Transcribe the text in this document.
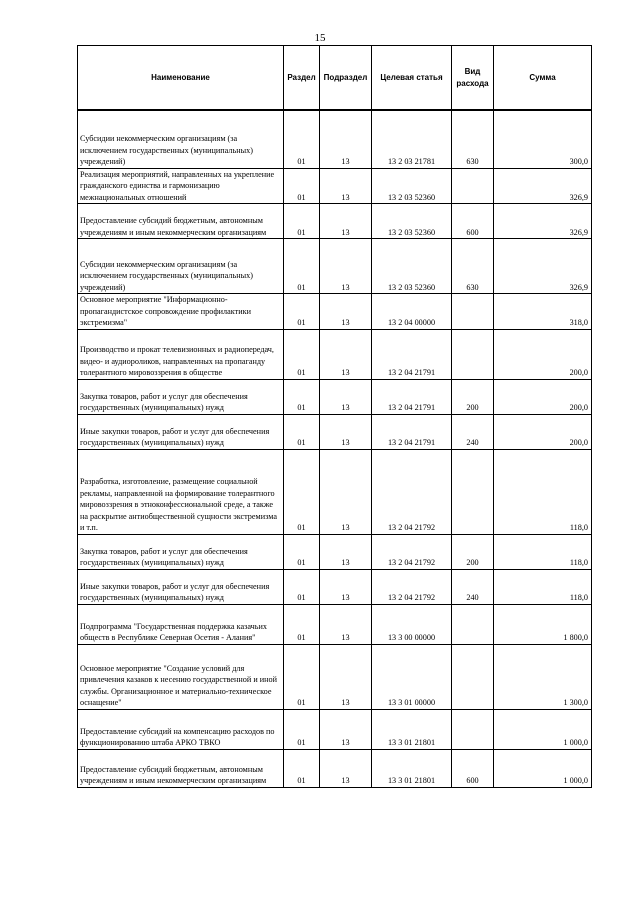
15
Наименование	Раздел	Подраздел	Целевая статья	Вид расхода	Сумма
Субсидии некоммерческим организациям (за исключением государственных (муниципальных) учреждений)	01	13	13 2 03 21781	630	300,0
Реализация мероприятий, направленных на укрепление гражданского единства и гармонизацию межнациональных отношений	01	13	13 2 03 52360		326,9
Предоставление субсидий бюджетным, автономным учреждениям и иным некоммерческим организациям	01	13	13 2 03 52360	600	326,9
Субсидии некоммерческим организациям (за исключением государственных (муниципальных) учреждений)	01	13	13 2 03 52360	630	326,9
Основное мероприятие "Информационно-пропагандистское сопровождение профилактики экстремизма"	01	13	13 2 04 00000		318,0
Производство и прокат телевизионных и радиопередач, видео- и аудиороликов, направленных на пропаганду толерантного мировоззрения в обществе	01	13	13 2 04 21791		200,0
Закупка товаров, работ и услуг для обеспечения государственных (муниципальных) нужд	01	13	13 2 04 21791	200	200,0
Иные закупки товаров, работ и услуг для обеспечения государственных (муниципальных) нужд	01	13	13 2 04 21791	240	200,0
Разработка, изготовление, размещение социальной рекламы, направленной на формирование толерантного мировоззрения в этноконфессиональной среде, а также на раскрытие антиобщественной сущности экстремизма и т.п.	01	13	13 2 04 21792		118,0
Закупка товаров, работ и услуг для обеспечения государственных (муниципальных) нужд	01	13	13 2 04 21792	200	118,0
Иные закупки товаров, работ и услуг для обеспечения государственных (муниципальных) нужд	01	13	13 2 04 21792	240	118,0
Подпрограмма "Государственная поддержка казачьих обществ в Республике Северная Осетия - Алания"	01	13	13 3 00 00000		1 800,0
Основное мероприятие "Создание условий для привлечения казаков к несению государственной и иной службы. Организационное и материально-техническое оснащение"	01	13	13 3 01 00000		1 300,0
Предоставление субсидий на компенсацию расходов по функционированию штаба АРКО ТВКО	01	13	13 3 01 21801		1 000,0
Предоставление субсидий бюджетным, автономным учреждениям и иным некоммерческим организациям	01	13	13 3 01 21801	600	1 000,0
